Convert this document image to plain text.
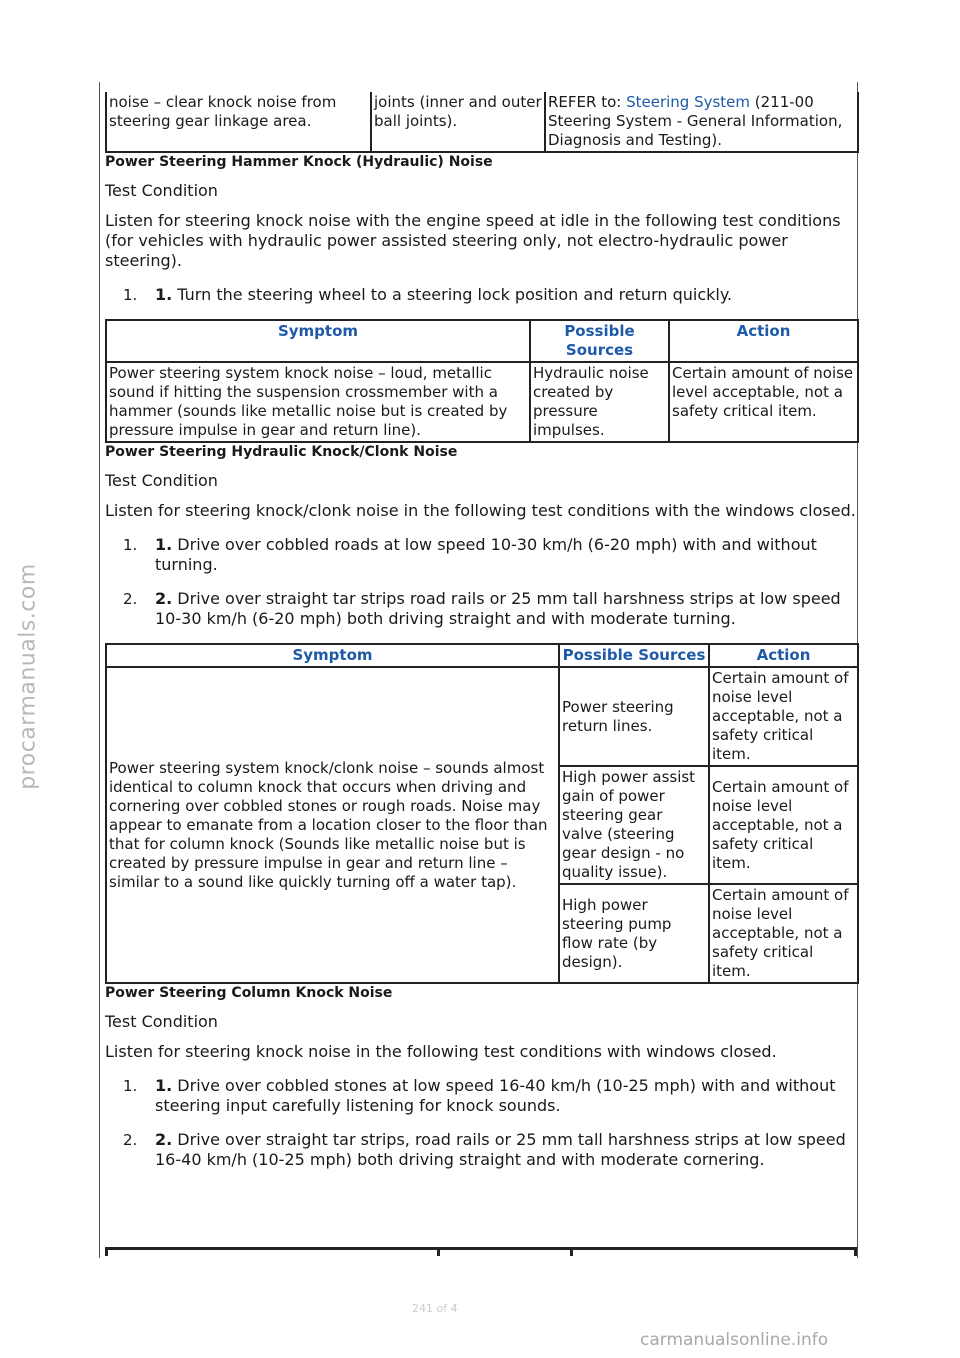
procarmanuals.com
noise – clear knock noise from steering gear linkage area.	joints (inner and outer ball joints).	REFER to: Steering System (211-00 Steering System - General Information, Diagnosis and Testing).

Power Steering Hammer Knock (Hydraulic) Noise

Test Condition

Listen for steering knock noise with the engine speed at idle in the following test conditions (for vehicles with hydraulic power assisted steering only, not electro-hydraulic power steering).

1.	1. Turn the steering wheel to a steering lock position and return quickly.
Symptom	Possible Sources	Action
Power steering system knock noise – loud, metallic sound if hitting the suspension crossmember with a hammer (sounds like metallic noise but is created by pressure impulse in gear and return line).	Hydraulic noise created by pressure impulses.	Certain amount of noise level acceptable, not a safety critical item.

Power Steering Hydraulic Knock/Clonk Noise

Test Condition

Listen for steering knock/clonk noise in the following test conditions with the windows closed.

1.	1. Drive over cobbled roads at low speed 10-30 km/h (6-20 mph) with and without turning.
2.	2. Drive over straight tar strips road rails or 25 mm tall harshness strips at low speed 10-30 km/h (6-20 mph) both driving straight and with moderate turning.
Symptom	Possible Sources	Action
Power steering system knock/clonk noise – sounds almost identical to column knock that occurs when driving and cornering over cobbled stones or rough roads. Noise may appear to emanate from a location closer to the floor than that for column knock (Sounds like metallic noise but is created by pressure impulse in gear and return line – similar to a sound like quickly turning off a water tap).	Power steering return lines.	Certain amount of noise level acceptable, not a safety critical item.
	High power assist gain of power steering gear valve (steering gear design - no quality issue).	Certain amount of noise level acceptable, not a safety critical item.
	High power steering pump flow rate (by design).	Certain amount of noise level acceptable, not a safety critical item.

Power Steering Column Knock Noise

Test Condition

Listen for steering knock noise in the following test conditions with windows closed.

1.	1. Drive over cobbled stones at low speed 16-40 km/h (10-25 mph) with and without steering input carefully listening for knock sounds.
2.	2. Drive over straight tar strips, road rails or 25 mm tall harshness strips at low speed 16-40 km/h (10-25 mph) both driving straight and with moderate cornering.
241 of 4
carmanualsonline.info
